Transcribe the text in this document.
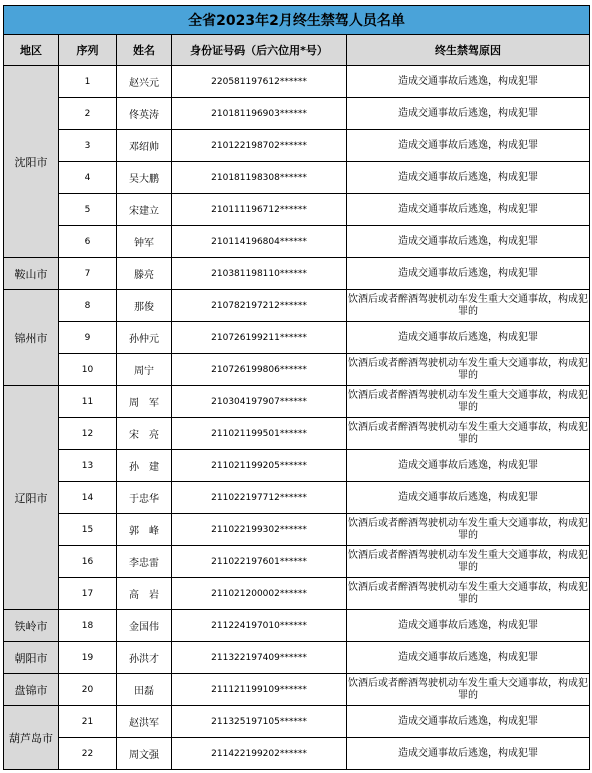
全省2023年2月终生禁驾人员名单				
地区	序列	姓名	身份证号码（后六位用*号）	终生禁驾原因
沈阳市	1	赵兴元	220581197612******	造成交通事故后逃逸，构成犯罪
	2	佟英涛	210181196903******	造成交通事故后逃逸，构成犯罪
	3	邓绍帅	210122198702******	造成交通事故后逃逸，构成犯罪
	4	吴大鹏	210181198308******	造成交通事故后逃逸，构成犯罪
	5	宋建立	210111196712******	造成交通事故后逃逸，构成犯罪
	6	钟军	210114196804******	造成交通事故后逃逸，构成犯罪
鞍山市	7	滕亮	210381198110******	造成交通事故后逃逸，构成犯罪
锦州市	8	那俊	210782197212******	饮酒后或者醉酒驾驶机动车发生重大交通事故，构成犯罪的
	9	孙仲元	210726199211******	造成交通事故后逃逸，构成犯罪
	10	周宁	210726199806******	饮酒后或者醉酒驾驶机动车发生重大交通事故，构成犯罪的
辽阳市	11	周　军	210304197907******	饮酒后或者醉酒驾驶机动车发生重大交通事故，构成犯罪的
	12	宋　亮	211021199501******	饮酒后或者醉酒驾驶机动车发生重大交通事故，构成犯罪的
	13	孙　建	211021199205******	造成交通事故后逃逸，构成犯罪
	14	于忠华	211022197712******	造成交通事故后逃逸，构成犯罪
	15	郭　峰	211022199302******	饮酒后或者醉酒驾驶机动车发生重大交通事故，构成犯罪的
	16	李忠雷	211022197601******	饮酒后或者醉酒驾驶机动车发生重大交通事故，构成犯罪的
	17	高　岩	211021200002******	饮酒后或者醉酒驾驶机动车发生重大交通事故，构成犯罪的
铁岭市	18	金国伟	211224197010******	造成交通事故后逃逸，构成犯罪
朝阳市	19	孙洪才	211322197409******	造成交通事故后逃逸，构成犯罪
盘锦市	20	田磊	211121199109******	饮酒后或者醉酒驾驶机动车发生重大交通事故，构成犯罪的
葫芦岛市	21	赵洪军	211325197105******	造成交通事故后逃逸，构成犯罪
	22	周文强	211422199202******	造成交通事故后逃逸，构成犯罪
